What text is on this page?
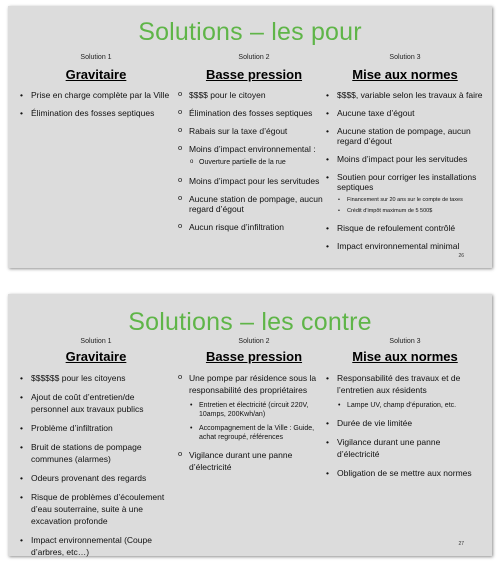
Solutions – les pour
Solution 1
Gravitaire
• Prise en charge complète par la Ville
• Élimination des fosses septiques
Solution 2
Basse pression
o $$$$ pour le citoyen
o Élimination des fosses septiques
o Rabais sur la taxe d’égout
o Moins d’impact environnemental :
o Ouverture partielle de la rue
o Moins d’impact pour les servitudes
o Aucune station de pompage, aucun regard d’égout
o Aucun risque d’infiltration
Solution 3
Mise aux normes
• $$$$, variable selon les travaux à faire
• Aucune taxe d’égout
• Aucune station de pompage, aucun regard d’égout
• Moins d’impact pour les servitudes
• Soutien pour corriger les installations septiques
• Financement sur 20 ans sur le compte de taxes
• Crédit d’impôt maximum de 5 500$
• Risque de refoulement contrôlé
• Impact environnemental minimal
26
Solutions – les contre
Solution 1
Gravitaire
• $$$$$$ pour les citoyens
• Ajout de coût d’entretien/de personnel aux travaux publics
• Problème d’infiltration
• Bruit de stations de pompage communes (alarmes)
• Odeurs provenant des regards
• Risque de problèmes d’écoulement d’eau souterraine, suite à une excavation profonde
• Impact environnemental (Coupe d’arbres, etc…)
Solution 2
Basse pression
o Une pompe par résidence sous la responsabilité des propriétaires
• Entretien et électricité (circuit 220V, 10amps, 200Kwh/an)
• Accompagnement de la Ville : Guide, achat regroupé, références
o Vigilance durant une panne d’électricité
Solution 3
Mise aux normes
• Responsabilité des travaux et de l’entretien aux résidents
• Lampe UV, champ d’épuration, etc.
• Durée de vie limitée
• Vigilance durant une panne d’électricité
• Obligation de se mettre aux normes
27
